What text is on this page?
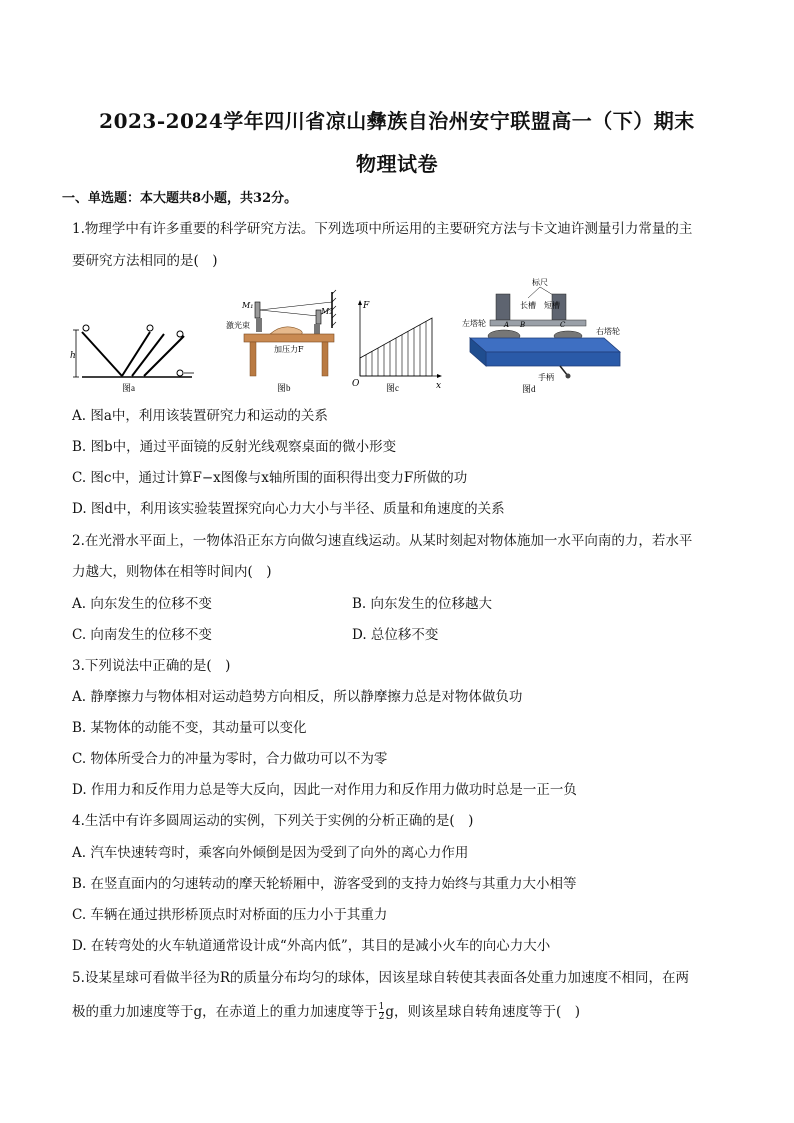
2023-2024学年四川省凉山彝族自治州安宁联盟高一（下）期末
物理试卷
一、单选题：本大题共8小题，共32分。
1.物理学中有许多重要的科学研究方法。下列选项中所运用的主要研究方法与卡文迪许测量引力常量的主
要研究方法相同的是(　)
h
图a
M₁
M₂
激光束
加压力F
图b
F
O	x
图c
标尺
长槽 短槽
左塔轮
右塔轮
A B	C
手柄
图d
A. 图a中，利用该装置研究力和运动的关系
B. 图b中，通过平面镜的反射光线观察桌面的微小形变
C. 图c中，通过计算F−x图像与x轴所围的面积得出变力F所做的功
D. 图d中，利用该实验装置探究向心力大小与半径、质量和角速度的关系
2.在光滑水平面上，一物体沿正东方向做匀速直线运动。从某时刻起对物体施加一水平向南的力，若水平
力越大，则物体在相等时间内(　)
A. 向东发生的位移不变	B. 向东发生的位移越大
C. 向南发生的位移不变	D. 总位移不变
3.下列说法中正确的是(　)
A. 静摩擦力与物体相对运动趋势方向相反，所以静摩擦力总是对物体做负功
B. 某物体的动能不变，其动量可以变化
C. 物体所受合力的冲量为零时，合力做功可以不为零
D. 作用力和反作用力总是等大反向，因此一对作用力和反作用力做功时总是一正一负
4.生活中有许多圆周运动的实例，下列关于实例的分析正确的是(　)
A. 汽车快速转弯时，乘客向外倾倒是因为受到了向外的离心力作用
B. 在竖直面内的匀速转动的摩天轮轿厢中，游客受到的支持力始终与其重力大小相等
C. 车辆在通过拱形桥顶点时对桥面的压力小于其重力
D. 在转弯处的火车轨道通常设计成“外高内低”，其目的是减小火车的向心力大小
5.设某星球可看做半径为R的质量分布均匀的球体，因该星球自转使其表面各处重力加速度不相同，在两
极的重力加速度等于g，在赤道上的重力加速度等于 $\frac{1}{2}$ g，则该星球自转角速度等于(　)
